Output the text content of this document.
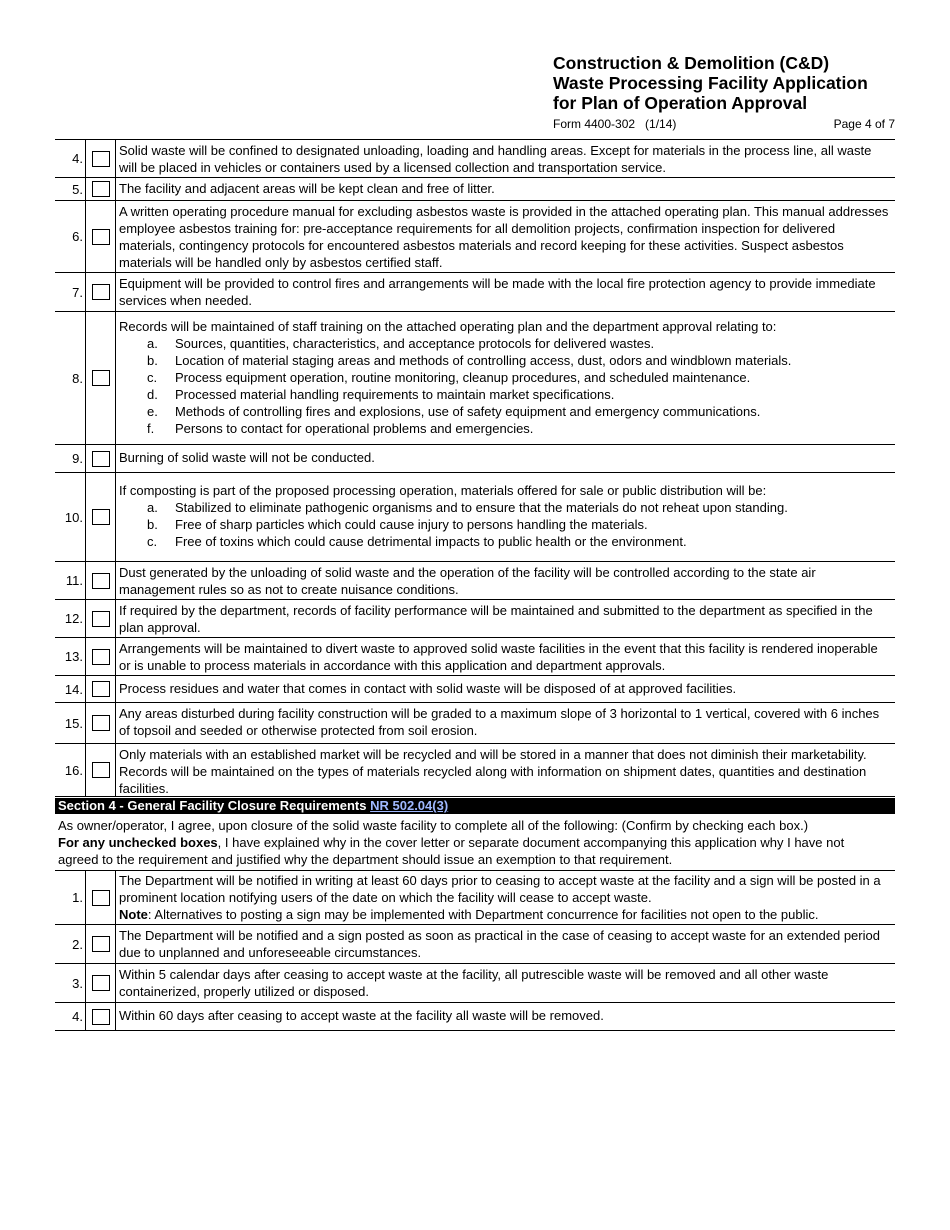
Construction & Demolition (C&D)
Waste Processing Facility Application
for Plan of Operation Approval
Form 4400-302   (1/14)	Page 4 of 7
4.
Solid waste will be confined to designated unloading, loading and handling areas. Except for materials in the process line, all waste will be placed in vehicles or containers used by a licensed collection and transportation service.
5.	The facility and adjacent areas will be kept clean and free of litter.
6.
A written operating procedure manual for excluding asbestos waste is provided in the attached operating plan. This manual addresses employee asbestos training for: pre-acceptance requirements for all demolition projects, confirmation inspection for delivered materials, contingency protocols for encountered asbestos materials and record keeping for these activities. Suspect asbestos materials will be handled only by asbestos certified staff.
7.
Equipment will be provided to control fires and arrangements will be made with the local fire protection agency to provide immediate services when needed.
8.
Records will be maintained of staff training on the attached operating plan and the department approval relating to:
a.	Sources, quantities, characteristics, and acceptance protocols for delivered wastes.
b.	Location of material staging areas and methods of controlling access, dust, odors and windblown materials.
c.	Process equipment operation, routine monitoring, cleanup procedures, and scheduled maintenance.
d.	Processed material handling requirements to maintain market specifications.
e.	Methods of controlling fires and explosions, use of safety equipment and emergency communications.
f.	Persons to contact for operational problems and emergencies.
9.	Burning of solid waste will not be conducted.
10.
If composting is part of the proposed processing operation, materials offered for sale or public distribution will be:
a.	Stabilized to eliminate pathogenic organisms and to ensure that the materials do not reheat upon standing.
b.	Free of sharp particles which could cause injury to persons handling the materials.
c.	Free of toxins which could cause detrimental impacts to public health or the environment.
11.
Dust generated by the unloading of solid waste and the operation of the facility will be controlled according to the state air management rules so as not to create nuisance conditions.
12.
If required by the department, records of facility performance will be maintained and submitted to the department as specified in the plan approval.
13.
Arrangements will be maintained to divert waste to approved solid waste facilities in the event that this facility is rendered inoperable or is unable to process materials in accordance with this application and department approvals.
14.	Process residues and water that comes in contact with solid waste will be disposed of at approved facilities.
15.
Any areas disturbed during facility construction will be graded to a maximum slope of 3 horizontal to 1 vertical, covered with 6 inches of topsoil and seeded or otherwise protected from soil erosion.
16.
Only materials with an established market will be recycled and will be stored in a manner that does not diminish their marketability. Records will be maintained on the types of materials recycled along with information on shipment dates, quantities and destination facilities.
Section 4 - General Facility Closure Requirements NR 502.04(3)
As owner/operator, I agree, upon closure of the solid waste facility to complete all of the following: (Confirm by checking each box.)
For any unchecked boxes, I have explained why in the cover letter or separate document accompanying this application why I have not agreed to the requirement and justified why the department should issue an exemption to that requirement.
1.
The Department will be notified in writing at least 60 days prior to ceasing to accept waste at the facility and a sign will be posted in a prominent location notifying users of the date on which the facility will cease to accept waste.
Note: Alternatives to posting a sign may be implemented with Department concurrence for facilities not open to the public.
2.
The Department will be notified and a sign posted as soon as practical in the case of ceasing to accept waste for an extended period due to unplanned and unforeseeable circumstances.
3.
Within 5 calendar days after ceasing to accept waste at the facility, all putrescible waste will be removed and all other waste containerized, properly utilized or disposed.
4.	Within 60 days after ceasing to accept waste at the facility all waste will be removed.
